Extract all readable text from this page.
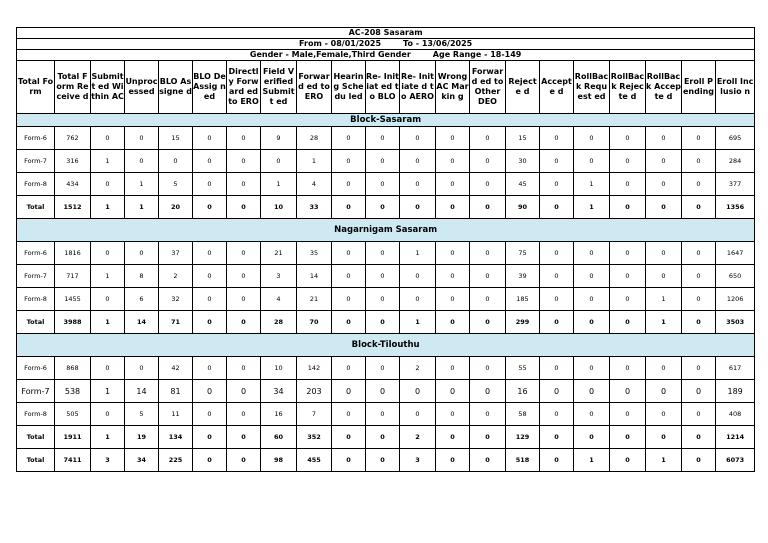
AC-208 Sasaram																				
From - 08/01/2025 To - 13/06/2025																				
Gender - Male,Female,Third Gender Age Range - 18-149																				
Total Form	Total Form Receive d	Submitt ed Within AC	Unproc essed	BLO Assigne d	BLO DeAssig ned	Directly Forward ed to ERO	Field Verified Submitt ed	Forward ed to ERO	Hearin g Schedu led	Re- Initiat ed to BLO	Re- Initiate d to AERO	Wrong AC Markin g	Forward ed to Other DEO	Rejecte d	Accepte d	RollBac k Request ed	RollBac k Rejecte d	RollBac k Accepte d	Eroll Pending	Eroll Inclusio n
Block-Sasaram																				
Form-6	762	0	0	15	0	0	9	28	0	0	0	0	0	15	0	0	0	0	0	695
Form-7	316	1	0	0	0	0	0	1	0	0	0	0	0	30	0	0	0	0	0	284
Form-8	434	0	1	5	0	0	1	4	0	0	0	0	0	45	0	1	0	0	0	377
Total	1512	1	1	20	0	0	10	33	0	0	0	0	0	90	0	1	0	0	0	1356
Nagarnigam Sasaram																				
Form-6	1816	0	0	37	0	0	21	35	0	0	1	0	0	75	0	0	0	0	0	1647
Form-7	717	1	8	2	0	0	3	14	0	0	0	0	0	39	0	0	0	0	0	650
Form-8	1455	0	6	32	0	0	4	21	0	0	0	0	0	185	0	0	0	1	0	1206
Total	3988	1	14	71	0	0	28	70	0	0	1	0	0	299	0	0	0	1	0	3503
Block-Tilouthu																				
Form-6	868	0	0	42	0	0	10	142	0	0	2	0	0	55	0	0	0	0	0	617
Form-7	538	1	14	81	0	0	34	203	0	0	0	0	0	16	0	0	0	0	0	189
Form-8	505	0	5	11	0	0	16	7	0	0	0	0	0	58	0	0	0	0	0	408
Total	1911	1	19	134	0	0	60	352	0	0	2	0	0	129	0	0	0	0	0	1214
Total	7411	3	34	225	0	0	98	455	0	0	3	0	0	518	0	1	0	1	0	6073
